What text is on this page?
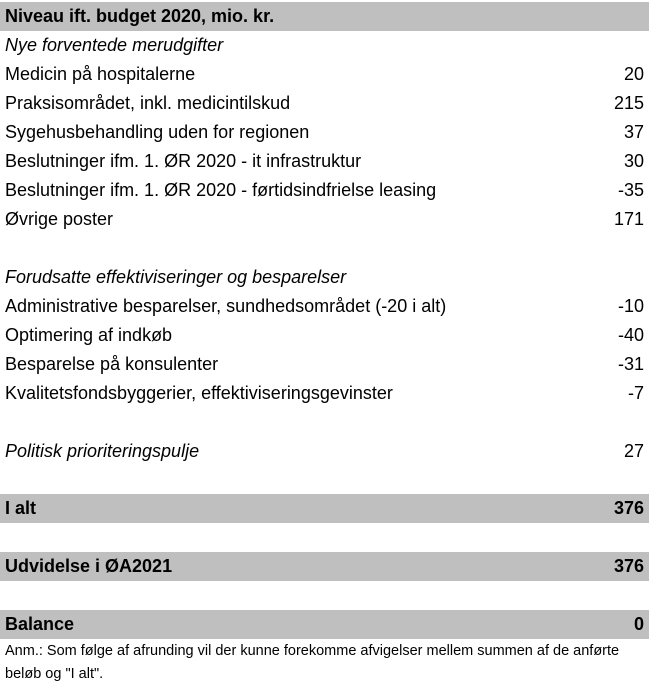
Niveau ift. budget 2020, mio. kr.
Nye forventede merudgifter
Medicin på hospitalerne	20
Praksisområdet, inkl. medicintilskud	215
Sygehusbehandling uden for regionen	37
Beslutninger ifm. 1. ØR 2020 - it infrastruktur	30
Beslutninger ifm. 1. ØR 2020 - førtidsindfrielse leasing	-35
Øvrige poster	171
Forudsatte effektiviseringer og besparelser
Administrative besparelser, sundhedsområdet (-20 i alt)	-10
Optimering af indkøb	-40
Besparelse på konsulenter	-31
Kvalitetsfondsbyggerier, effektiviseringsgevinster	-7
Politisk prioriteringspulje	27
I alt	376
Udvidelse i ØA2021	376
Balance	0
Anm.: Som følge af afrunding vil der kunne forekomme afvigelser mellem summen af de anførte beløb og "I alt".
